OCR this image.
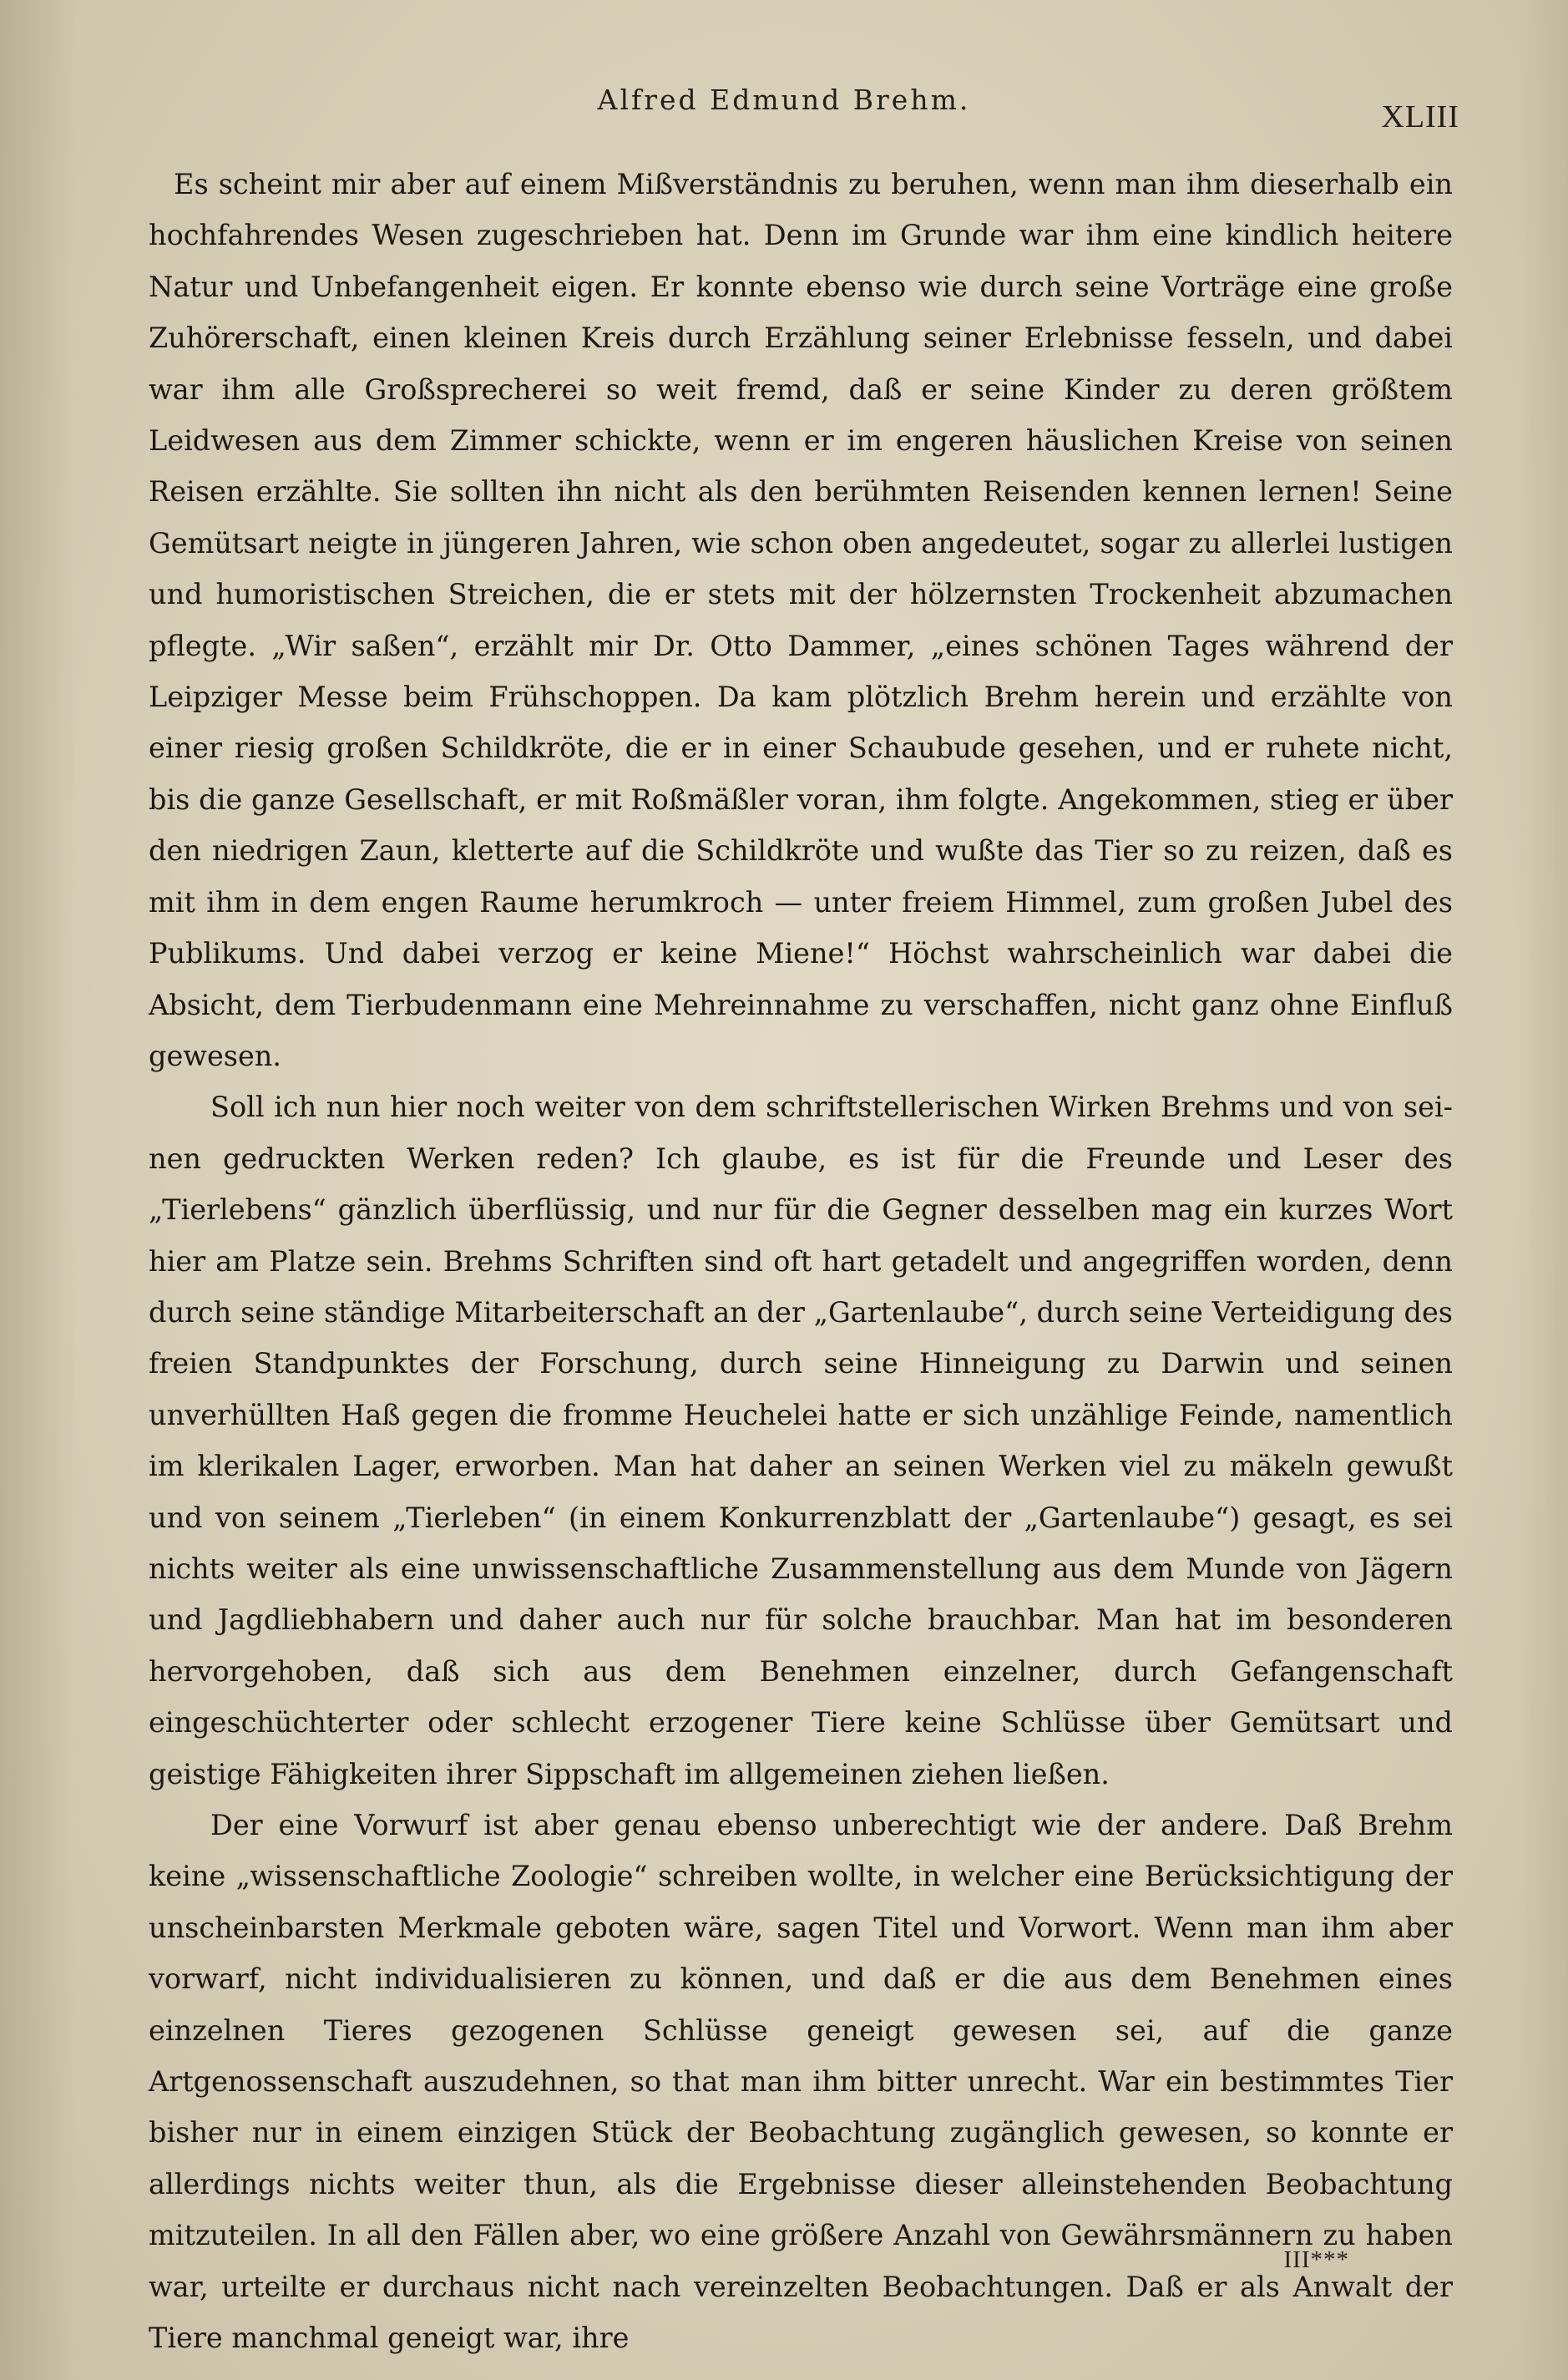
Alfred Edmund Brehm.	XLIII

Es scheint mir aber auf einem Mißverständnis zu beruhen, wenn man ihm dieserhalb ein hochfahrendes Wesen zugeschrieben hat. Denn im Grunde war ihm eine kindlich heitere Natur und Unbefangenheit eigen. Er konnte ebenso wie durch seine Vorträge eine große Zuhörerschaft, einen kleinen Kreis durch Erzählung seiner Erlebnisse fesseln, und dabei war ihm alle Großsprecherei so weit fremd, daß er seine Kinder zu deren größtem Leidwesen aus dem Zimmer schickte, wenn er im engeren häuslichen Kreise von seinen Reisen erzählte. Sie sollten ihn nicht als den berühmten Reisenden kennen lernen! Seine Gemütsart neigte in jüngeren Jahren, wie schon oben angedeutet, sogar zu allerlei lustigen und humoristischen Streichen, die er stets mit der hölzernsten Trockenheit abzumachen pflegte. „Wir saßen“, erzählt mir Dr. Otto Dammer, „eines schönen Tages während der Leipziger Messe beim Frühschoppen. Da kam plötzlich Brehm herein und erzählte von einer riesig großen Schildkröte, die er in einer Schaubude gesehen, und er ruhete nicht, bis die ganze Gesellschaft, er mit Roßmäßler voran, ihm folgte. Angekommen, stieg er über den niedrigen Zaun, kletterte auf die Schildkröte und wußte das Tier so zu reizen, daß es mit ihm in dem engen Raume herumkroch — unter freiem Himmel, zum großen Jubel des Publikums. Und dabei verzog er keine Miene!“ Höchst wahrscheinlich war dabei die Absicht, dem Tierbudenmann eine Mehreinnahme zu verschaffen, nicht ganz ohne Einfluß gewesen.

Soll ich nun hier noch weiter von dem schriftstellerischen Wirken Brehms und von seinen gedruckten Werken reden? Ich glaube, es ist für die Freunde und Leser des „Tierlebens“ gänzlich überflüssig, und nur für die Gegner desselben mag ein kurzes Wort hier am Platze sein. Brehms Schriften sind oft hart getadelt und angegriffen worden, denn durch seine ständige Mitarbeiterschaft an der „Gartenlaube“, durch seine Verteidigung des freien Standpunktes der Forschung, durch seine Hinneigung zu Darwin und seinen unverhüllten Haß gegen die fromme Heuchelei hatte er sich unzählige Feinde, namentlich im klerikalen Lager, erworben. Man hat daher an seinen Werken viel zu mäkeln gewußt und von seinem „Tierleben“ (in einem Konkurrenzblatt der „Gartenlaube“) gesagt, es sei nichts weiter als eine unwissenschaftliche Zusammenstellung aus dem Munde von Jägern und Jagdliebhabern und daher auch nur für solche brauchbar. Man hat im besonderen hervorgehoben, daß sich aus dem Benehmen einzelner, durch Gefangenschaft eingeschüchterter oder schlecht erzogener Tiere keine Schlüsse über Gemütsart und geistige Fähigkeiten ihrer Sippschaft im allgemeinen ziehen ließen.

Der eine Vorwurf ist aber genau ebenso unberechtigt wie der andere. Daß Brehm keine „wissenschaftliche Zoologie“ schreiben wollte, in welcher eine Berücksichtigung der unscheinbarsten Merkmale geboten wäre, sagen Titel und Vorwort. Wenn man ihm aber vorwarf, nicht individualisieren zu können, und daß er die aus dem Benehmen eines einzelnen Tieres gezogenen Schlüsse geneigt gewesen sei, auf die ganze Artgenossenschaft auszudehnen, so that man ihm bitter unrecht. War ein bestimmtes Tier bisher nur in einem einzigen Stück der Beobachtung zugänglich gewesen, so konnte er allerdings nichts weiter thun, als die Ergebnisse dieser alleinstehenden Beobachtung mitzuteilen. In all den Fällen aber, wo eine größere Anzahl von Gewährsmännern zu haben war, urteilte er durchaus nicht nach vereinzelten Beobachtungen. Daß er als Anwalt der Tiere manchmal geneigt war, ihre

III***
